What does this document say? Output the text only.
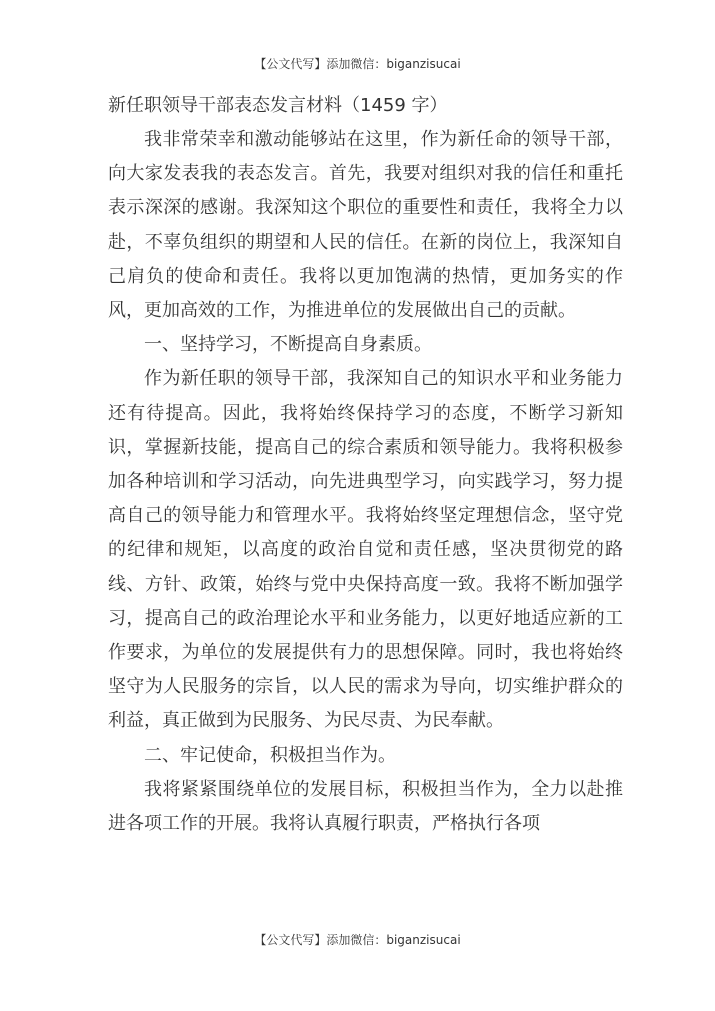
【公文代写】添加微信：biganzisucai
新任职领导干部表态发言材料（1459 字）

我非常荣幸和激动能够站在这里，作为新任命的领导干部，向大家发表我的表态发言。首先，我要对组织对我的信任和重托表示深深的感谢。我深知这个职位的重要性和责任，我将全力以赴，不辜负组织的期望和人民的信任。在新的岗位上，我深知自己肩负的使命和责任。我将以更加饱满的热情，更加务实的作风，更加高效的工作，为推进单位的发展做出自己的贡献。

一、坚持学习，不断提高自身素质。

作为新任职的领导干部，我深知自己的知识水平和业务能力还有待提高。因此，我将始终保持学习的态度，不断学习新知识，掌握新技能，提高自己的综合素质和领导能力。我将积极参加各种培训和学习活动，向先进典型学习，向实践学习，努力提高自己的领导能力和管理水平。我将始终坚定理想信念，坚守党的纪律和规矩，以高度的政治自觉和责任感，坚决贯彻党的路线、方针、政策，始终与党中央保持高度一致。我将不断加强学习，提高自己的政治理论水平和业务能力，以更好地适应新的工作要求，为单位的发展提供有力的思想保障。同时，我也将始终坚守为人民服务的宗旨，以人民的需求为导向，切实维护群众的利益，真正做到为民服务、为民尽责、为民奉献。

二、牢记使命，积极担当作为。

我将紧紧围绕单位的发展目标，积极担当作为，全力以赴推进各项工作的开展。我将认真履行职责，严格执行各项

【公文代写】添加微信：biganzisucai
